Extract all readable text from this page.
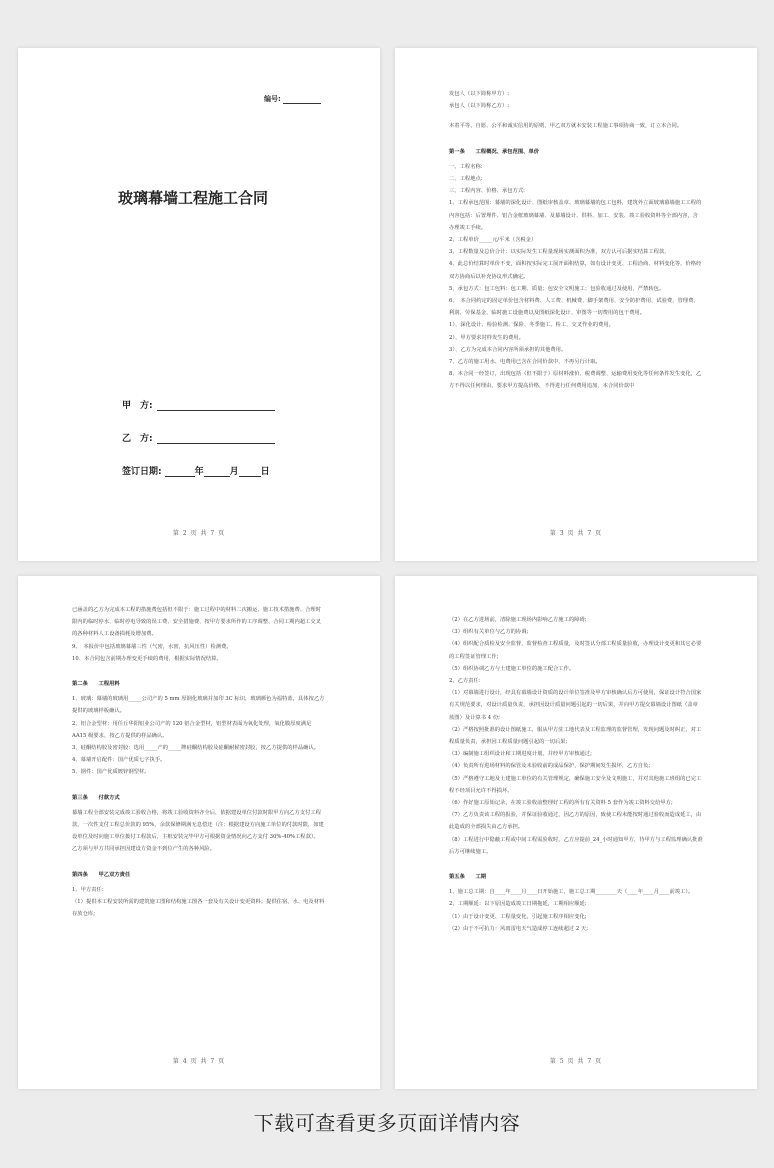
编号:
玻璃幕墙工程施工合同
甲　方:
乙　方:
签订日期:	年	月 日
第 2 页 共 7 页

发包人（以下简称甲方）:

承包人（以下简称乙方）:

本着平等、自愿、公平和诚实信用的原则，甲乙双方就本安装工程施工事项协商一致，订立本合同。

第一条　　工程概况、承包范围、单价

一、工程名称:

二、工程地点:

三、工程内容、价格、承包方式:

1、工程承包范围：幕墙的深化设计、图纸审核盖章、玻璃幕墙的包工包料，建筑外立面玻璃幕墙施工工程的内容包括：后置埋件、铝合金框玻璃幕墙、及幕墙设计、供料、加工、安装、竣工验收资料等全部内容，含办理竣工手续。

2、工程单价_____元/平米（含税金）

3、工程数量及总价合计：以实际发生工程量现场实测面积为准，双方认可后据实结算工程款，

4、此总价结算时单价不变，面积按实际完工展开面积结算，如有设计变更、工程洽商、材料变化等，价格经双方协商后以补充协议形式确定。

5、承包方式：包工包料：包工期、质量；包安全文明施工；包验收通过及使用，严禁转包。

6、　本合同约定的固定单价包含材料费、人工费、机械费、脚手架费用、安全防护费用、试验费、管理费、利润、劳保基金、临时施工设施费以及图纸深化设计、审图等一切费用的包干费用。

1）、深化设计、检验检测、保险、冬季施工、检工、交叉作业的费用。

2）、甲方要求封样发生的费用。

3）、乙方为完成本合同内容所须承担的其他费用。

7、乙方的施工用水、电费用已含在合同价款中，不再另行计取。

8、本合同一经签订，出现包括（但不限于）原材料涨价、税费调整、运输费用变化等任何条件发生变化，乙方不得以任何理由，要求甲方提高价格，不得进行任何费用追加，本合同价款中

第 3 页 共 7 页

已涵盖的乙方为完成本工程的措施费包括但不限于：施工过程中的材料二次搬运、施工技术措施费、合理时限内的临时停水、临时停电导致的误工费、安全措施费、按甲方要求所作的工序调整、合同工期内超工交叉的各种材料人工设备损耗及增加费。

9、　本报价中包括玻璃幕墙三性（气密，水密，抗风压性）检测费。

10、本合同包含前期办理变更手续的费用，根据实际情况结算。

第二条　　工程用料

1、玻璃：幕墙的玻璃用_____公司产的 5 mm 厚钢化玻璃并加印 3C 标识，玻璃颜色为福特蓝，具体按乙方提供的玻璃样板确认。

2、铝合金型材：用任丘华阳铝业公司产的 120 铝合金型材，铝型材表面为氧化处理，氧化膜厚度满足 AA15 级要求，按乙方提供的样品确认。

3、硅酮结构胶及密封胶：选用_____产的_____牌硅酮结构胶及硅酮耐候密封胶，按乙方提供的样品确认。

4、幕墙开启配件：国产优质七字执手。

5、钢件：国产优质镀锌钢型材。

第三条　　付款方式

幕墙工程全部安装完成竣工验收合格，将竣工验收资料齐全后，依据建设单位付款时限甲方向乙方支付工程款，一次性支付工程总价款的 95%，余款保修期满无息偿还（注：根据建设方向施工单位的付款时限，如建设单位及时向施工单位拨付工程款后，主框安装完毕甲方可根据资金情况向乙方支付 30%-40%工程款）。

乙方须与甲方共同承担因建设方资金不到位产生的各种风险。

第四条　　甲乙双方责任

1、甲方责任:

（1）提供本工程安装所需的建筑施工图和结构施工图各一套及有关设计变更资料；提供住宿、水、电及材料存放仓库;

第 4 页 共 7 页

（2）在乙方进场前，清除施工现场内影响乙方施工的障碍;

（3）组织有关单位与乙方的协调;

（4）组织配合质检及安全监督，监督检查工程质量，及时签认分部工程质量验收，办理设计变更和其它必要的工程签证管理工作;

（5）组织协调乙方与土建施工单位的施工配合工作。

2、乙方责任:

（1）对幕墙进行设计，经具有幕墙设计资质的设计单位签准及甲方审核确认后方可使用，保证设计符合国家有关规范要求，对设计质量负责，承担因设计质量问题引起的一切后果，并向甲方提交幕墙设计图纸（盖章蓝图）及计算书 4 份;

（2）严格按照批准的设计图纸施工，服从甲方驻工地代表及工程监理的监督管理，发现问题及时纠正，对工程质量负责，承担因工程质量问题引起的一切后果;

（3）编制施工组织设计和工期进度计划，并经甲方审核通过;

（4）负责所有进场材料的保管及未验收前的成品保护，保护期间发生损坏，乙方自负;

（5）严格遵守工地及土建施工单位的有关管理规定，确保施工安全及文明施工，并对其他施工班组的已完工程不经项目允许不得损坏。

（6）作好施工原始记录，在竣工验收前整理好工程的所有有关资料 5 套作为竣工资料交给甲方;

（7）乙方负责该工程的报验，并保证验收通过，因乙方的原因，致使工程未能按时通过验收而造成延工，由此造成的全部损失由乙方承担。

（8）工程进行中隐蔽工程或中间工程需验收时，乙方应提前_24_小时通知甲方，待甲方与工程监理确认批准后方可继续施工。

第五条　　工期

1、施工总工期：自____年____月____日开始施工，施工总工期________天（____年____月____前竣工）。

2、工期顺延：以下原因造成竣工日期拖延，工期相应顺延:

（1）由于设计变更、工程量变化，引起施工程序相应变化;

（2）由于不可抗力：风雨雷电天气造成停工连续超过 2 天;

第 5 页 共 7 页
下载可查看更多页面详情内容
